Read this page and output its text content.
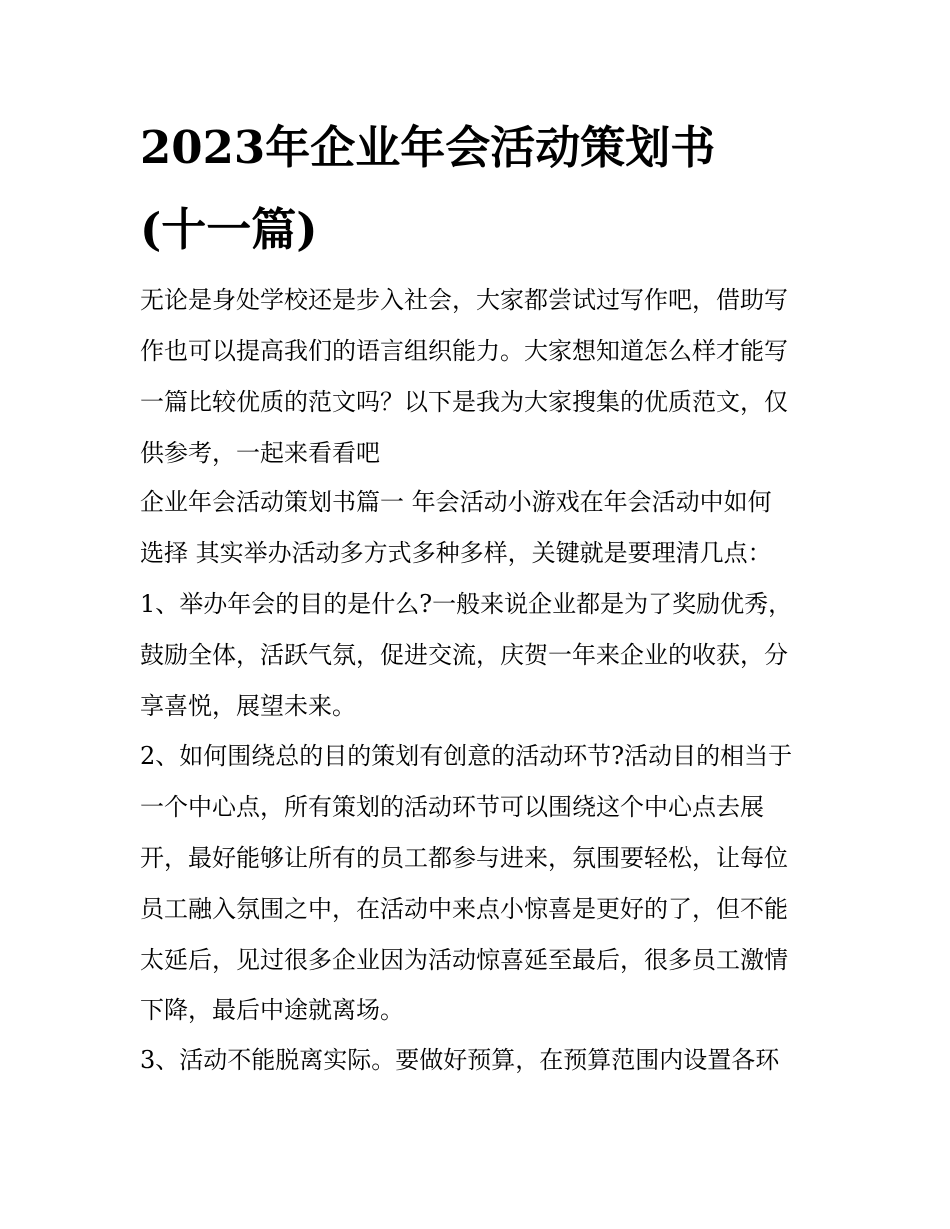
2023年企业年会活动策划书
(十一篇)

无论是身处学校还是步入社会，大家都尝试过写作吧，借助写

作也可以提高我们的语言组织能力。大家想知道怎么样才能写

一篇比较优质的范文吗？以下是我为大家搜集的优质范文，仅

供参考，一起来看看吧

企业年会活动策划书篇一 年会活动小游戏在年会活动中如何

选择 其实举办活动多方式多种多样，关键就是要理清几点：

1、举办年会的目的是什么?一般来说企业都是为了奖励优秀，

鼓励全体，活跃气氛，促进交流，庆贺一年来企业的收获，分

享喜悦，展望未来。

2、如何围绕总的目的策划有创意的活动环节?活动目的相当于

一个中心点，所有策划的活动环节可以围绕这个中心点去展

开，最好能够让所有的员工都参与进来，氛围要轻松，让每位

员工融入氛围之中，在活动中来点小惊喜是更好的了，但不能

太延后，见过很多企业因为活动惊喜延至最后，很多员工激情

下降，最后中途就离场。

3、活动不能脱离实际。要做好预算，在预算范围内设置各环
